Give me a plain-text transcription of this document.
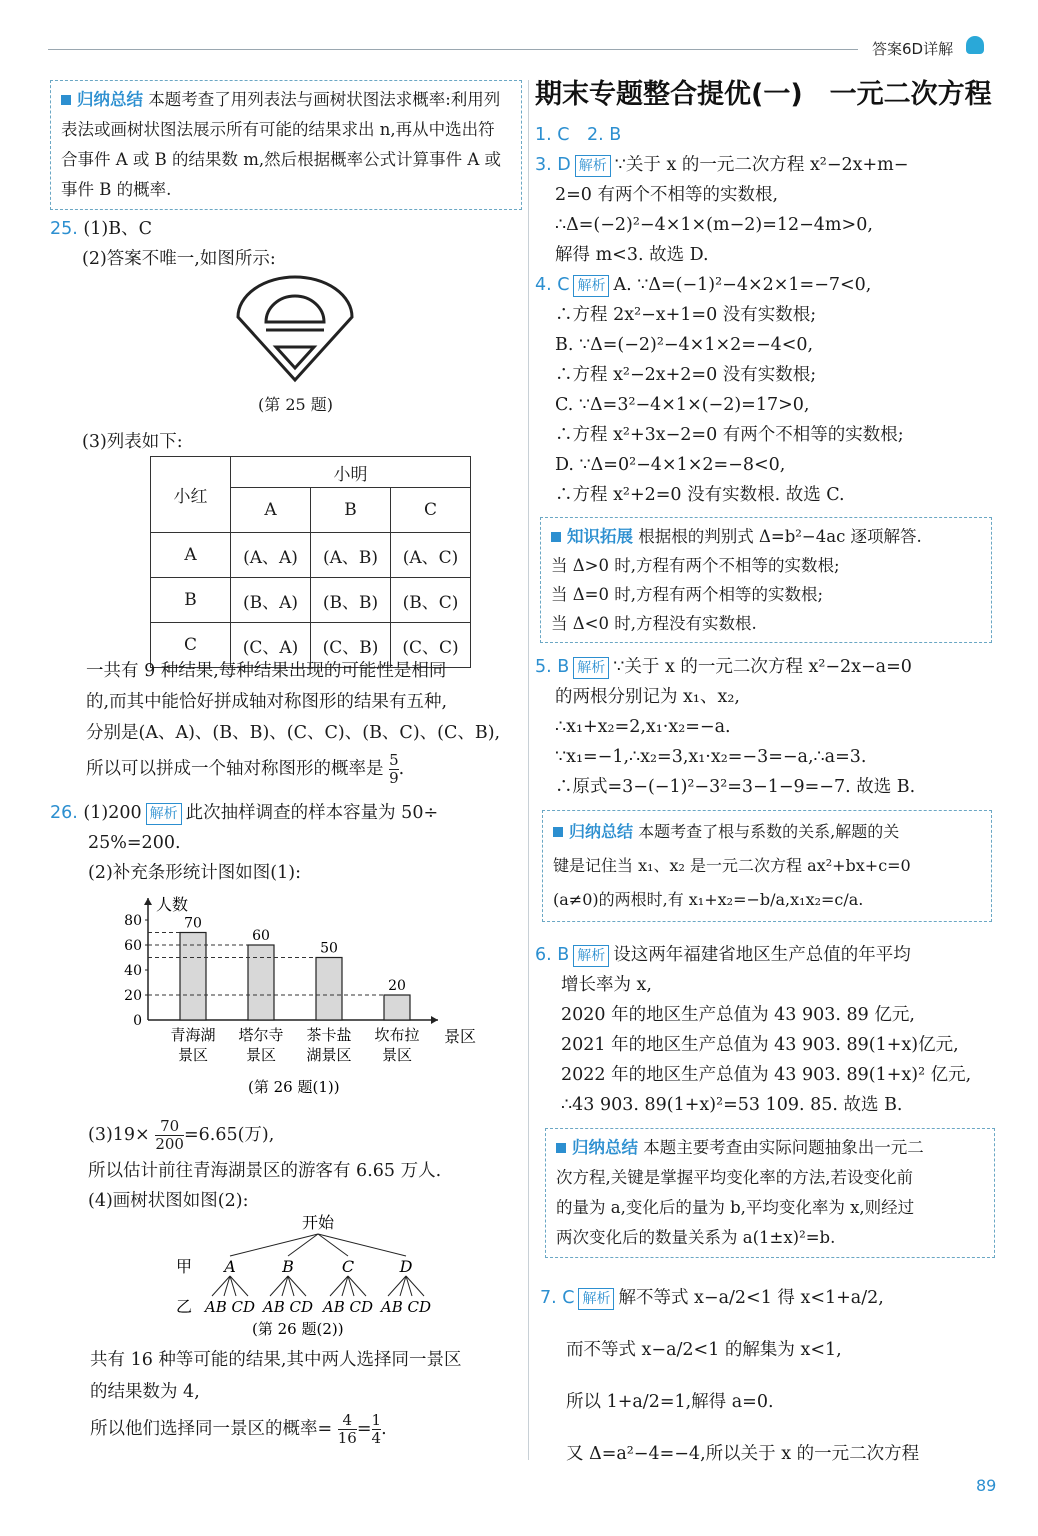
答案6D详解
归纳总结 本题考查了用列表法与画树状图法求概率:利用列表法或画树状图法展示所有可能的结果求出 n,再从中选出符合事件 A 或 B 的结果数 m,然后根据概率公式计算事件 A 或事件 B 的概率.
25. (1)B、C
(2)答案不唯一,如图所示:
(第 25 题)
(3)列表如下:
小红	小明		
	A	B	C
A	(A、A)	(A、B)	(A、C)
B	(B、A)	(B、B)	(B、C)
C	(C、A)	(C、B)	(C、C)
一共有 9 种结果,每种结果出现的可能性是相同
的,而其中能恰好拼成轴对称图形的结果有五种,
分别是(A、A)、(B、B)、(C、C)、(B、C)、(C、B),
所以可以拼成一个轴对称图形的概率是 $\frac{5}{9}$ .
26. (1)200 解析 此次抽样调查的样本容量为 50÷
25%=200.
(2)补充条形统计图如图(1):
人数
景区
0
20
40
60
80	70
青海湖
景区
60
塔尔寺
景区
50
茶卡盐
湖景区
20
坎布拉
景区
(第 26 题(1))
$(3)19\times \frac{70}{200} =6.65$(万),
所以估计前往青海湖景区的游客有 6.65 万人.
(4)画树状图如图(2):
开始
甲
乙
A
AB CD
B
AB CD
C
AB CD
D
AB CD
(第 26 题(2))
共有 16 种等可能的结果,其中两人选择同一景区
的结果数为 4,
所以他们选择同一景区的概率= $\frac{4}{16} = \frac{1}{4}$ .
期末专题整合提优(一)　一元二次方程
1. C　2. B
3. D 解析 ∵关于 x 的一元二次方程 x²−2x+m−
2=0 有两个不相等的实数根,
∴Δ=(−2)²−4×1×(m−2)=12−4m>0,
解得 m<3. 故选 D.
4. C 解析 A. ∵Δ=(−1)²−4×2×1=−7<0,
∴方程 2x²−x+1=0 没有实数根;
B. ∵Δ=(−2)²−4×1×2=−4<0,
∴方程 x²−2x+2=0 没有实数根;
C. ∵Δ=3²−4×1×(−2)=17>0,
∴方程 x²+3x−2=0 有两个不相等的实数根;
D. ∵Δ=0²−4×1×2=−8<0,
∴方程 x²+2=0 没有实数根. 故选 C.
知识拓展 根据根的判别式 Δ=b²−4ac 逐项解答.
当 Δ>0 时,方程有两个不相等的实数根;
当 Δ=0 时,方程有两个相等的实数根;
当 Δ<0 时,方程没有实数根.
5. B 解析 ∵关于 x 的一元二次方程 x²−2x−a=0
的两根分别记为 x₁、x₂,
∴x₁+x₂=2,x₁·x₂=−a.
∵x₁=−1,∴x₂=3,x₁·x₂=−3=−a,∴a=3.
∴原式=3−(−1)²−3²=3−1−9=−7. 故选 B.
归纳总结 本题考查了根与系数的关系,解题的关
键是记住当 x₁、x₂ 是一元二次方程 ax²+bx+c=0
(a≠0)的两根时,有 x₁+x₂=−b/a,x₁x₂=c/a.
6. B 解析 设这两年福建省地区生产总值的年平均
增长率为 x,
2020 年的地区生产总值为 43 903. 89 亿元,
2021 年的地区生产总值为 43 903. 89(1+x)亿元,
2022 年的地区生产总值为 43 903. 89(1+x)² 亿元,
∴43 903. 89(1+x)²=53 109. 85. 故选 B.
归纳总结 本题主要考查由实际问题抽象出一元二
次方程,关键是掌握平均变化率的方法,若设变化前
的量为 a,变化后的量为 b,平均变化率为 x,则经过
两次变化后的数量关系为 a(1±x)²=b.
7. C 解析 解不等式 x−a/2<1 得 x<1+a/2,
而不等式 x−a/2<1 的解集为 x<1,
所以 1+a/2=1,解得 a=0.
又 Δ=a²−4=−4,所以关于 x 的一元二次方程
89
